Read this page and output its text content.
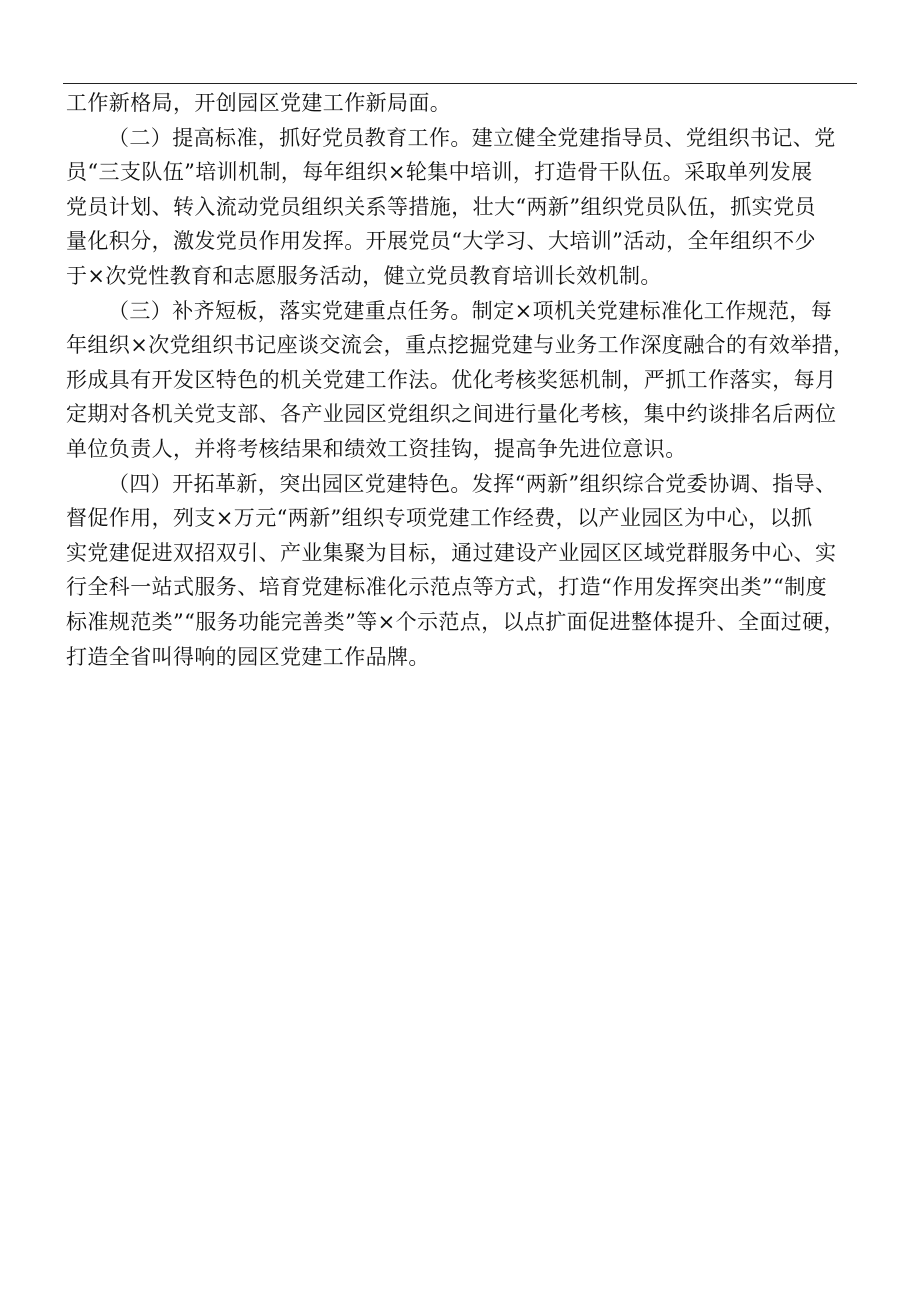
工作新格局，开创园区党建工作新局面。
（二）提高标准，抓好党员教育工作。建立健全党建指导员、党组织书记、党
员“三支队伍”培训机制，每年组织×轮集中培训，打造骨干队伍。采取单列发展
党员计划、转入流动党员组织关系等措施，壮大“两新”组织党员队伍，抓实党员
量化积分，激发党员作用发挥。开展党员“大学习、大培训”活动，全年组织不少
于×次党性教育和志愿服务活动，健立党员教育培训长效机制。
（三）补齐短板，落实党建重点任务。制定×项机关党建标准化工作规范，每
年组织×次党组织书记座谈交流会，重点挖掘党建与业务工作深度融合的有效举措，
形成具有开发区特色的机关党建工作法。优化考核奖惩机制，严抓工作落实，每月
定期对各机关党支部、各产业园区党组织之间进行量化考核，集中约谈排名后两位
单位负责人，并将考核结果和绩效工资挂钩，提高争先进位意识。
（四）开拓革新，突出园区党建特色。发挥“两新”组织综合党委协调、指导、
督促作用，列支×万元“两新”组织专项党建工作经费，以产业园区为中心，以抓
实党建促进双招双引、产业集聚为目标，通过建设产业园区区域党群服务中心、实
行全科一站式服务、培育党建标准化示范点等方式，打造“作用发挥突出类”“制度
标准规范类”“服务功能完善类”等×个示范点，以点扩面促进整体提升、全面过硬，
打造全省叫得响的园区党建工作品牌。
